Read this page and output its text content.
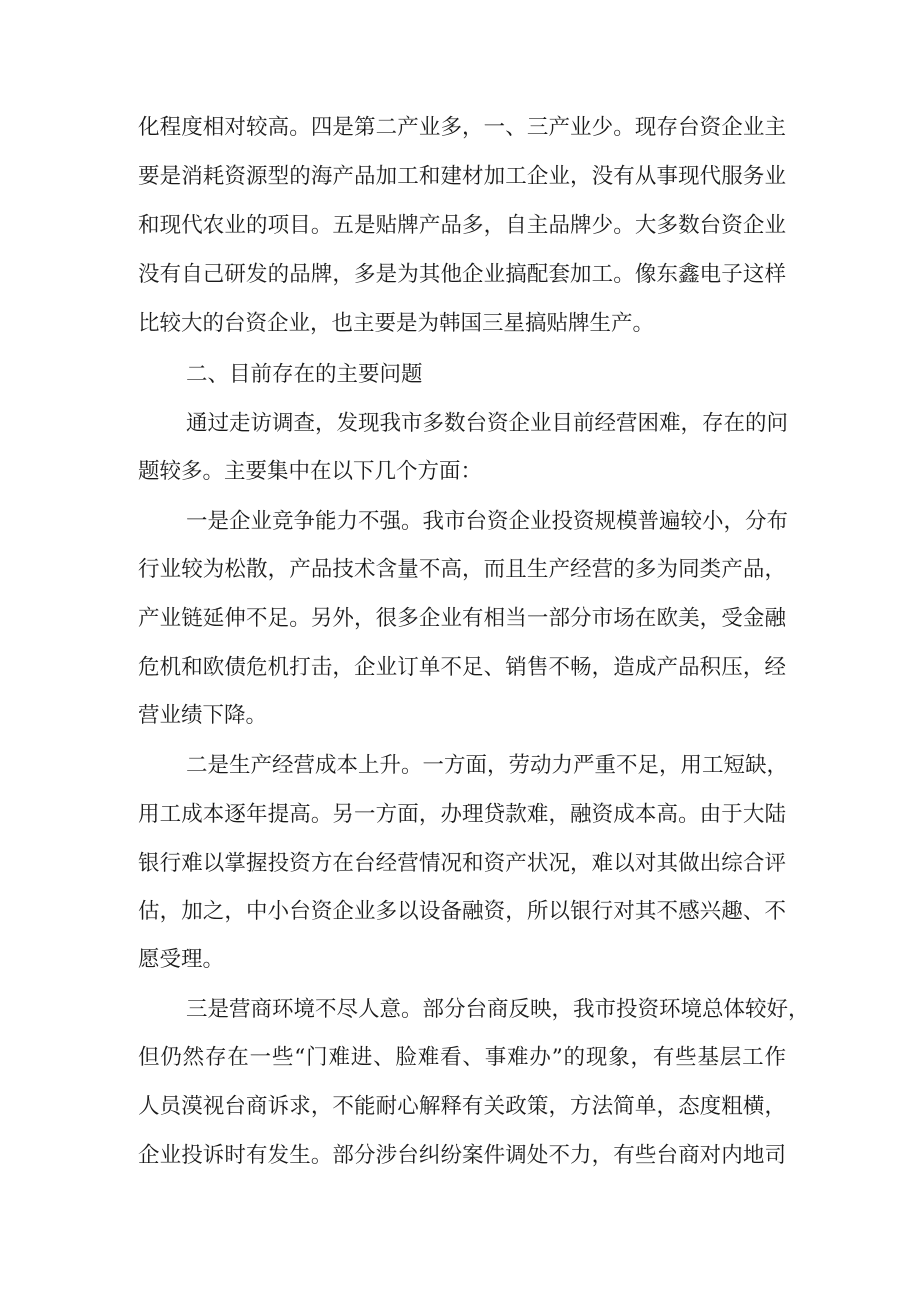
化程度相对较高。四是第二产业多，一、三产业少。现存台资企业主

要是消耗资源型的海产品加工和建材加工企业，没有从事现代服务业

和现代农业的项目。五是贴牌产品多，自主品牌少。大多数台资企业

没有自己研发的品牌，多是为其他企业搞配套加工。像东鑫电子这样

比较大的台资企业，也主要是为韩国三星搞贴牌生产。

二、目前存在的主要问题

通过走访调查，发现我市多数台资企业目前经营困难，存在的问

题较多。主要集中在以下几个方面：

一是企业竞争能力不强。我市台资企业投资规模普遍较小，分布

行业较为松散，产品技术含量不高，而且生产经营的多为同类产品，

产业链延伸不足。另外，很多企业有相当一部分市场在欧美，受金融

危机和欧债危机打击，企业订单不足、销售不畅，造成产品积压，经

营业绩下降。

二是生产经营成本上升。一方面，劳动力严重不足，用工短缺，

用工成本逐年提高。另一方面，办理贷款难，融资成本高。由于大陆

银行难以掌握投资方在台经营情况和资产状况，难以对其做出综合评

估，加之，中小台资企业多以设备融资，所以银行对其不感兴趣、不

愿受理。

三是营商环境不尽人意。部分台商反映，我市投资环境总体较好，

但仍然存在一些“门难进、脸难看、事难办”的现象，有些基层工作

人员漠视台商诉求，不能耐心解释有关政策，方法简单，态度粗横，

企业投诉时有发生。部分涉台纠纷案件调处不力，有些台商对内地司
